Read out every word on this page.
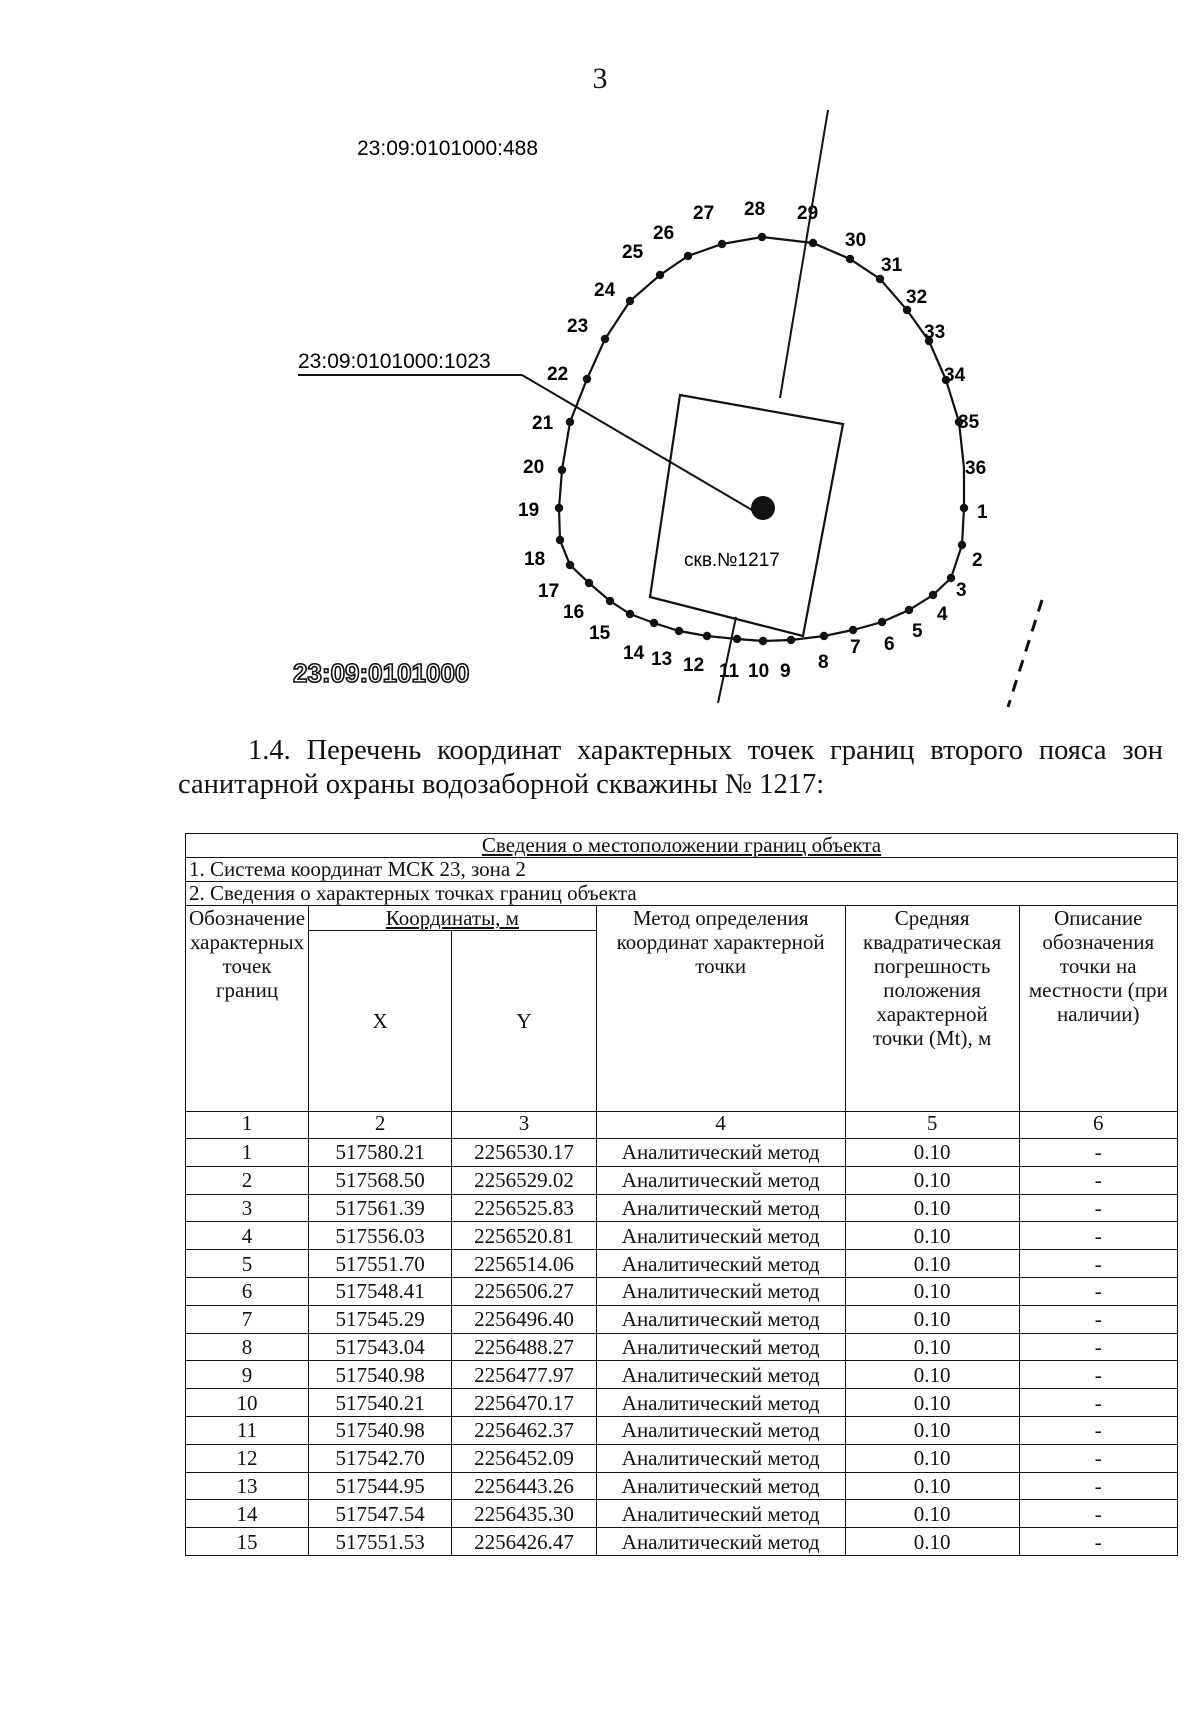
3
скв.№1217
23:09:0101000:488
23:09:0101000:1023
23:09:0101000
1
2
3
4
5
6
7
8
9
10
11
12
13
14
15
16
17
18
19
20
21
22
23
24
25
26
27 28 29
30
31
32
33
34
35
36
1.4. Перечень координат характерных точек границ второго пояса зон
санитарной охраны водозаборной скважины № 1217:
Сведения о местоположении границ объекта					
1. Система координат МСК 23, зона 2					
2. Сведения о характерных точках границ объекта					
Обозначение характерных точек границ	Координаты, м		Метод определения координат характерной точки	Средняя квадратическая погрешность положения характерной точки (Mt), м	Описание обозначения точки на местности (при наличии)
	X	Y			
1	2	3	4	5	6
1	517580.21	2256530.17	Аналитический метод	0.10	-
2	517568.50	2256529.02	Аналитический метод	0.10	-
3	517561.39	2256525.83	Аналитический метод	0.10	-
4	517556.03	2256520.81	Аналитический метод	0.10	-
5	517551.70	2256514.06	Аналитический метод	0.10	-
6	517548.41	2256506.27	Аналитический метод	0.10	-
7	517545.29	2256496.40	Аналитический метод	0.10	-
8	517543.04	2256488.27	Аналитический метод	0.10	-
9	517540.98	2256477.97	Аналитический метод	0.10	-
10	517540.21	2256470.17	Аналитический метод	0.10	-
11	517540.98	2256462.37	Аналитический метод	0.10	-
12	517542.70	2256452.09	Аналитический метод	0.10	-
13	517544.95	2256443.26	Аналитический метод	0.10	-
14	517547.54	2256435.30	Аналитический метод	0.10	-
15	517551.53	2256426.47	Аналитический метод	0.10	-
